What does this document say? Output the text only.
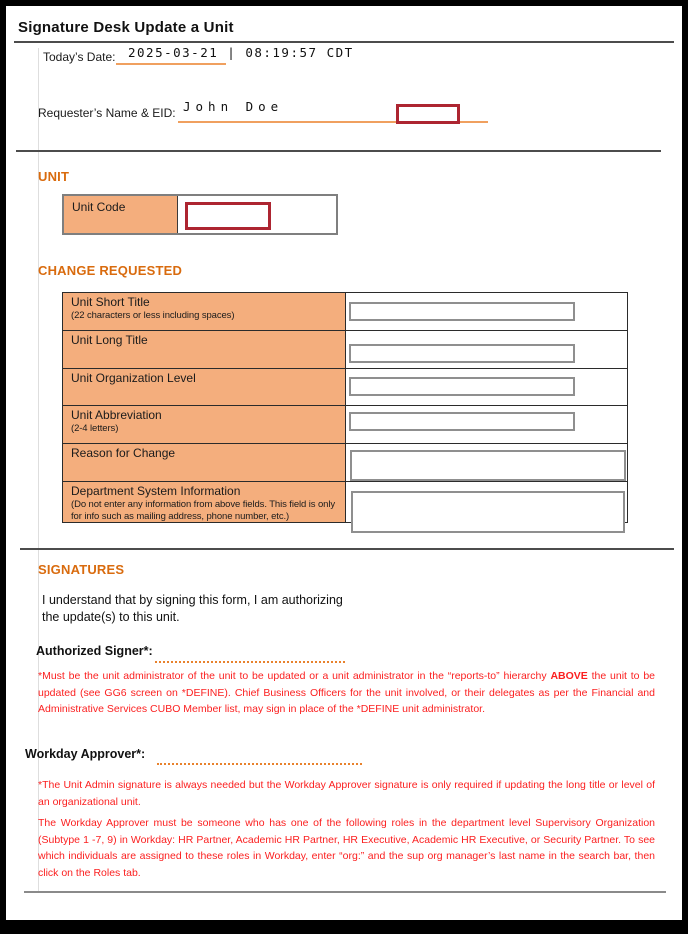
Signature Desk Update a Unit
Today’s Date: 2025-03-21 | 08:19:57 CDT
Requester’s Name & EID: John Doe
UNIT
Unit Code
CHANGE REQUESTED
Unit Short Title
(22 characters or less including spaces)
Unit Long Title
Unit Organization Level
Unit Abbreviation
(2-4 letters)
Reason for Change
Department System Information
(Do not enter any information from above fields. This field is only for info such as mailing address, phone number, etc.)
SIGNATURES
I understand that by signing this form, I am authorizing
the update(s) to this unit.
Authorized Signer*:
*Must be the unit administrator of the unit to be updated or a unit administrator in the “reports-to” hierarchy ABOVE the unit to be updated (see GG6 screen on *DEFINE). Chief Business Officers for the unit involved, or their delegates as per the Financial and Administrative Services CUBO Member list, may sign in place of the *DEFINE unit administrator.
Workday Approver*:
*The Unit Admin signature is always needed but the Workday Approver signature is only required if updating the long title or level of an organizational unit.
The Workday Approver must be someone who has one of the following roles in the department level Supervisory Organization (Subtype 1 -7, 9) in Workday: HR Partner, Academic HR Partner, HR Executive, Academic HR Executive, or Security Partner. To see which individuals are assigned to these roles in Workday, enter “org:” and the sup org manager’s last name in the search bar, then click on the Roles tab.
